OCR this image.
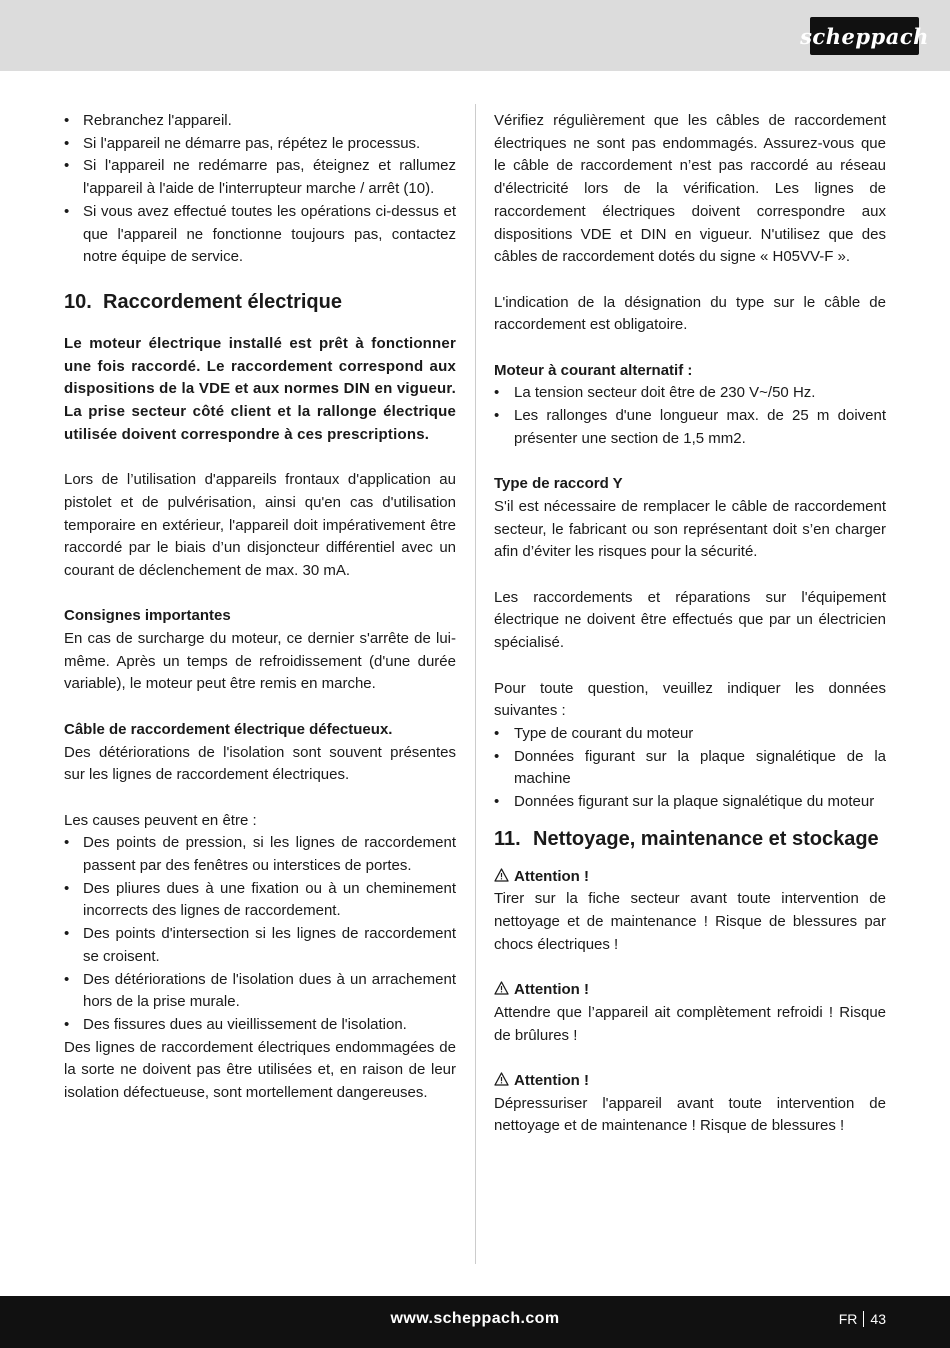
scheppach
• Rebranchez l'appareil.
• Si l'appareil ne démarre pas, répétez le processus.
• Si l'appareil ne redémarre pas, éteignez et rallumez l'appareil à l'aide de l'interrupteur marche / arrêt (10).
• Si vous avez effectué toutes les opérations ci-dessus et que l'appareil ne fonctionne toujours pas, contactez notre équipe de service.
10. Raccordement électrique

Le moteur électrique installé est prêt à fonctionner une fois raccordé. Le raccordement correspond aux dispositions de la VDE et aux normes DIN en vigueur. La prise secteur côté client et la rallonge électrique utilisée doivent correspondre à ces prescriptions.

Lors de l’utilisation d'appareils frontaux d'application au pistolet et de pulvérisation, ainsi qu'en cas d'utilisation temporaire en extérieur, l'appareil doit impérativement être raccordé par le biais d’un disjoncteur différentiel avec un courant de déclenchement de max. 30 mA.

Consignes importantes

En cas de surcharge du moteur, ce dernier s'arrête de lui-même. Après un temps de refroidissement (d'une durée variable), le moteur peut être remis en marche.

Câble de raccordement électrique défectueux.

Des détériorations de l'isolation sont souvent présentes sur les lignes de raccordement électriques.

Les causes peuvent en être :

• Des points de pression, si les lignes de raccordement passent par des fenêtres ou interstices de portes.
• Des pliures dues à une fixation ou à un cheminement incorrects des lignes de raccordement.
• Des points d'intersection si les lignes de raccordement se croisent.
• Des détériorations de l'isolation dues à un arrachement hors de la prise murale.
• Des fissures dues au vieillissement de l'isolation.

Des lignes de raccordement électriques endommagées de la sorte ne doivent pas être utilisées et, en raison de leur isolation défectueuse, sont mortellement dangereuses.

Vérifiez régulièrement que les câbles de raccordement électriques ne sont pas endommagés. Assurez-vous que le câble de raccordement n’est pas raccordé au réseau d'électricité lors de la vérification. Les lignes de raccordement électriques doivent correspondre aux dispositions VDE et DIN en vigueur. N'utilisez que des câbles de raccordement dotés du signe « H05VV-F ».

L'indication de la désignation du type sur le câble de raccordement est obligatoire.

Moteur à courant alternatif :

• La tension secteur doit être de 230 V~/50 Hz.
• Les rallonges d'une longueur max. de 25 m doivent présenter une section de 1,5 mm2.

Type de raccord Y

S'il est nécessaire de remplacer le câble de raccordement secteur, le fabricant ou son représentant doit s’en charger afin d’éviter les risques pour la sécurité.

Les raccordements et réparations sur l'équipement électrique ne doivent être effectués que par un électricien spécialisé.

Pour toute question, veuillez indiquer les données suivantes :

• Type de courant du moteur
• Données figurant sur la plaque signalétique de la machine
• Données figurant sur la plaque signalétique du moteur
11. Nettoyage, maintenance et stockage

Attention !

Tirer sur la fiche secteur avant toute intervention de nettoyage et de maintenance ! Risque de blessures par chocs électriques !

Attention !

Attendre que l’appareil ait complètement refroidi ! Risque de brûlures !

Attention !

Dépressuriser l'appareil avant toute intervention de nettoyage et de maintenance ! Risque de blessures !

www.scheppach.com	FR 43
